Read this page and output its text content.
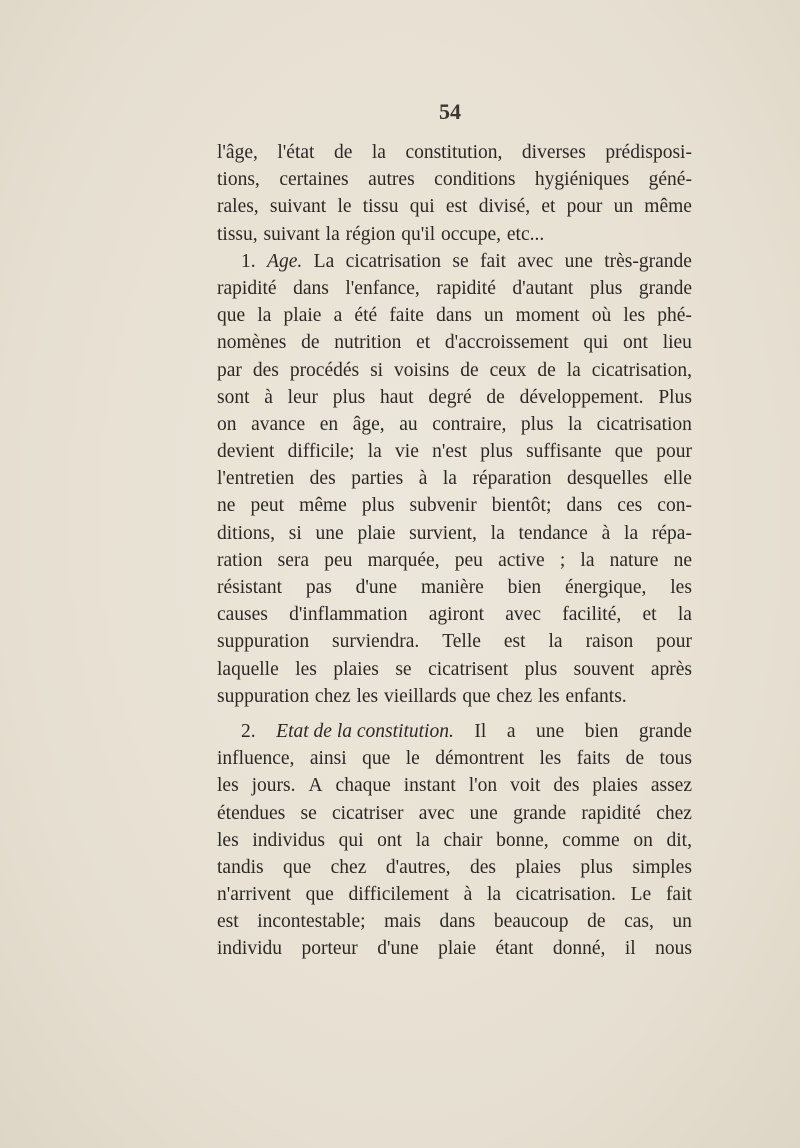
54
l'âge, l'état de la constitution, diverses prédisposi-
tions, certaines autres conditions hygiéniques géné-
rales, suivant le tissu qui est divisé, et pour un même
tissu, suivant la région qu'il occupe, etc...
1. Age. La cicatrisation se fait avec une très-grande
rapidité dans l'enfance, rapidité d'autant plus grande
que la plaie a été faite dans un moment où les phé-
nomènes de nutrition et d'accroissement qui ont lieu
par des procédés si voisins de ceux de la cicatrisation,
sont à leur plus haut degré de développement. Plus
on avance en âge, au contraire, plus la cicatrisation
devient difficile; la vie n'est plus suffisante que pour
l'entretien des parties à la réparation desquelles elle
ne peut même plus subvenir bientôt; dans ces con-
ditions, si une plaie survient, la tendance à la répa-
ration sera peu marquée, peu active ; la nature ne
résistant pas d'une manière bien énergique, les
causes d'inflammation agiront avec facilité, et la
suppuration surviendra. Telle est la raison pour
laquelle les plaies se cicatrisent plus souvent après
suppuration chez les vieillards que chez les enfants.
2. Etat de la constitution. Il a une bien grande
influence, ainsi que le démontrent les faits de tous
les jours. A chaque instant l'on voit des plaies assez
étendues se cicatriser avec une grande rapidité chez
les individus qui ont la chair bonne, comme on dit,
tandis que chez d'autres, des plaies plus simples
n'arrivent que difficilement à la cicatrisation. Le fait
est incontestable; mais dans beaucoup de cas, un
individu porteur d'une plaie étant donné, il nous
